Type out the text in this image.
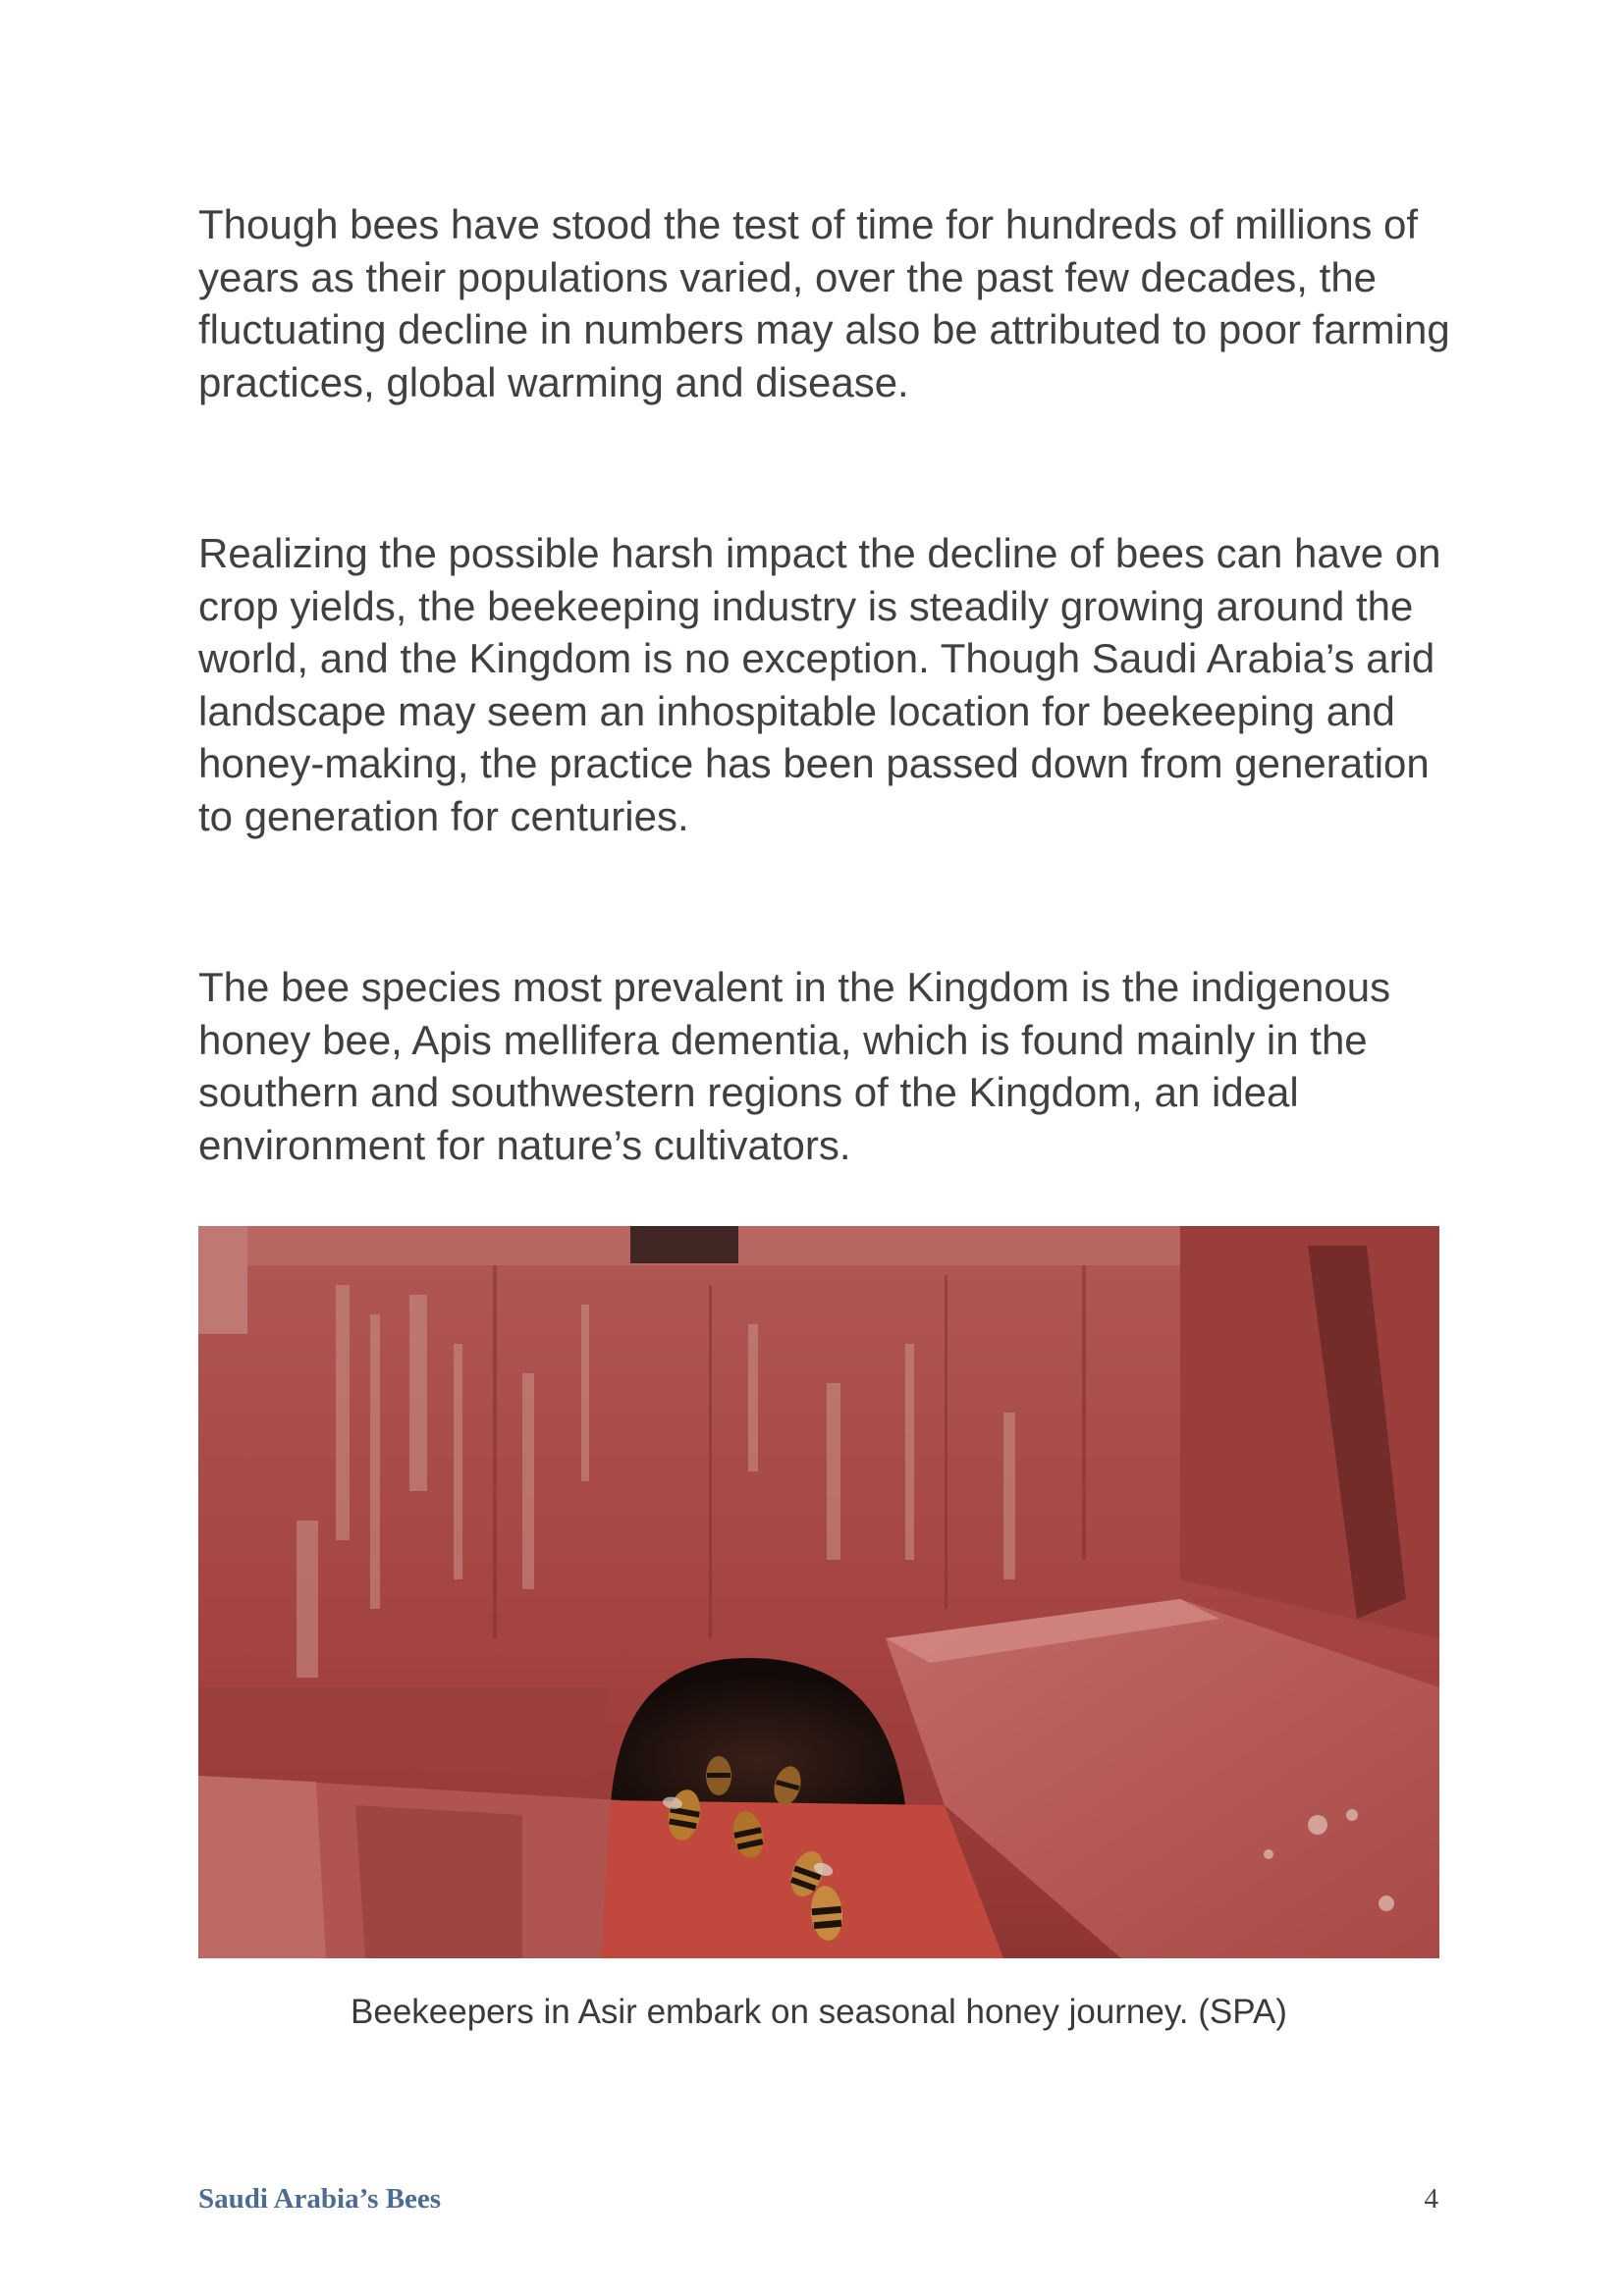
Though bees have stood the test of time for hundreds of millions of years as their populations varied, over the past few decades, the fluctuating decline in numbers may also be attributed to poor farming practices, global warming and disease.

Realizing the possible harsh impact the decline of bees can have on crop yields, the beekeeping industry is steadily growing around the world, and the Kingdom is no exception. Though Saudi Arabia’s arid landscape may seem an inhospitable location for beekeeping and honey-making, the practice has been passed down from generation to generation for centuries.

The bee species most prevalent in the Kingdom is the indigenous honey bee, Apis mellifera dementia, which is found mainly in the southern and southwestern regions of the Kingdom, an ideal environment for nature’s cultivators.

Beekeepers in Asir embark on seasonal honey journey. (SPA)

Saudi Arabia’s Bees	4
